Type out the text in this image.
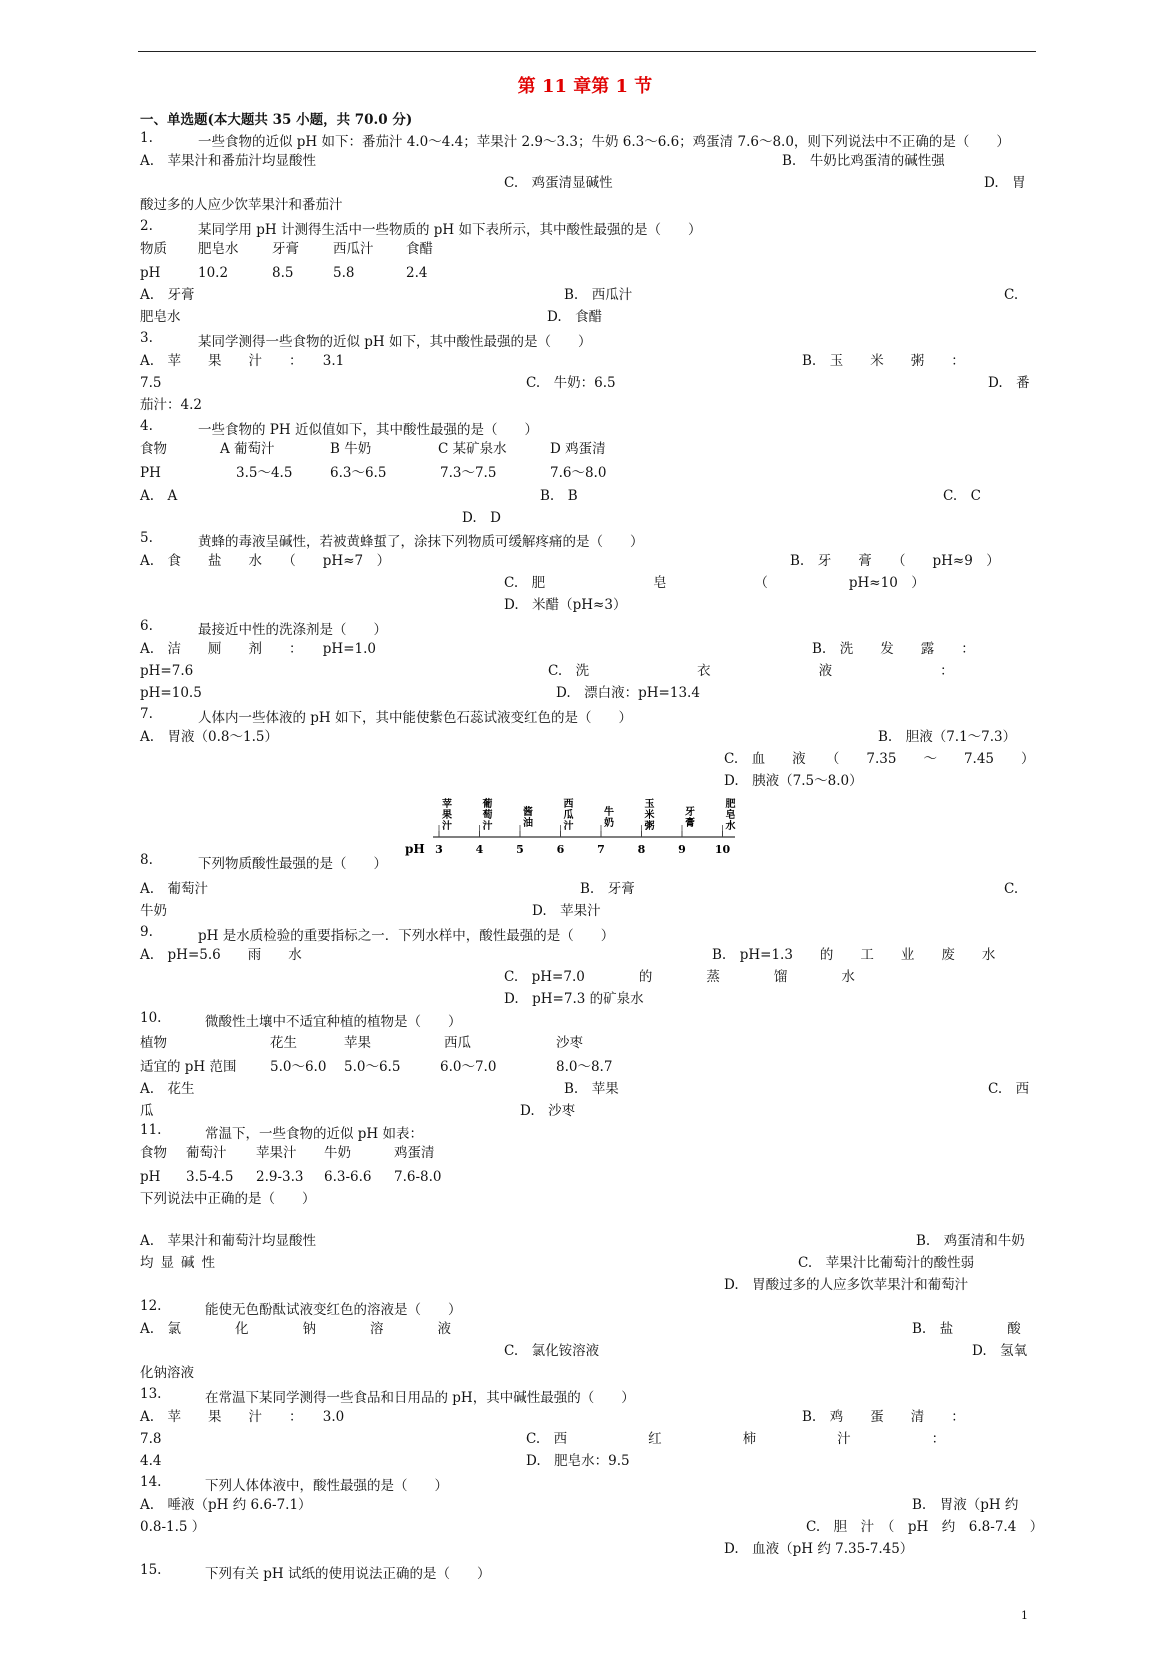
第 11 章第 1 节
一、单选题(本大题共 35 小题，共 70.0 分)
1.	一些食物的近似 pH 如下：番茄汁 4.0～4.4；苹果汁 2.9～3.3；牛奶 6.3～6.6；鸡蛋清 7.6～8.0，则下列说法中不正确的是（　　）
A.　苹果汁和番茄汁均显酸性	B.　牛奶比鸡蛋清的碱性强
C.　鸡蛋清显碱性	D.　胃
酸过多的人应少饮苹果汁和番茄汁
2.	某同学用 pH 计测得生活中一些物质的 pH 如下表所示，其中酸性最强的是（　　）
物质 肥皂水 牙膏	西瓜汁 食醋
pH	10.2	8.5	5.8	2.4
A.　牙膏	B.　西瓜汁	C.
肥皂水	D.　食醋
3.	某同学测得一些食物的近似 pH 如下，其中酸性最强的是（　　）
A.　苹　　果　　汁　　：　　3.1	B.　玉　　米　　粥　　：
7.5	C.　牛奶：6.5	D.　番
茄汁：4.2
4.	一些食物的 PH 近似值如下，其中酸性最强的是（　　）
食物	A 葡萄汁	B 牛奶	C 某矿泉水	D 鸡蛋清
PH	3.5～4.5	6.3～6.5	7.3～7.5	7.6～8.0
A.　A	B.　B	C.　C
D.　D
5.	黄蜂的毒液呈碱性，若被黄蜂蜇了，涂抹下列物质可缓解疼痛的是（　　）
A.　食　　盐　　水　　（　　pH≈7　）	B.　牙　　膏　　（　　pH≈9　）
C.　肥　　　　　　　　皂　　　　　　　（　　　　　　pH≈10　）
D.　米醋（pH≈3）
6.	最接近中性的洗涤剂是（　　）
A.　洁　　厕　　剂　　：　　pH=1.0	B.　洗　　发　　露　　：
pH=7.6	C.　洗　　　　　　　　衣　　　　　　　　液　　　　　　　　：
pH=10.5	D.　漂白液：pH=13.4
7.	人体内一些体液的 pH 如下，其中能使紫色石蕊试液变红色的是（　　）
A.　胃液（0.8～1.5）	B.　胆液（7.1～7.3）
C.　血　　液　　（　　7.35　　～　　7.45　　）
D.　胰液（7.5～8.0）
pH 3	4	5	6	7	8	9	10
苹
果
汁
葡
萄
汁
酱
油
西
瓜
汁
牛
奶
玉
米
粥
牙
膏
肥
皂
水
8.	下列物质酸性最强的是（　　）
A.　葡萄汁	B.　牙膏	C.
牛奶	D.　苹果汁
9.	pH 是水质检验的重要指标之一．下列水样中，酸性最强的是（　　）
A.　pH=5.6　　雨　　水	B.　pH=1.3　　的　　工　　业　　废　　水
C.　pH=7.0　　　　的　　　　蒸　　　　馏　　　　水
D.　pH=7.3 的矿泉水
10.	微酸性土壤中不适宜种植的植物是（　　）
植物	花生	苹果	西瓜	沙枣
适宜的 pH 范围 5.0～6.0 5.0～6.5	6.0～7.0	8.0～8.7
A.　花生	B.　苹果	C.　西
瓜	D.　沙枣
11.	常温下，一些食物的近似 pH 如表：
食物 葡萄汁 苹果汁 牛奶	鸡蛋清
pH 3.5-4.5 2.9-3.3 6.3-6.6 7.6-8.0
下列说法中正确的是（　　）
A.　苹果汁和葡萄汁均显酸性	B.　鸡蛋清和牛奶
均显碱性	C.　苹果汁比葡萄汁的酸性弱
D.　胃酸过多的人应多饮苹果汁和葡萄汁
12.	能使无色酚酞试液变红色的溶液是（　　）
A.　氯　　　　化　　　　钠　　　　溶　　　　液	B.　盐　　　　酸
C.　氯化铵溶液	D.　氢氧
化钠溶液
13.	在常温下某同学测得一些食品和日用品的 pH，其中碱性最强的（　　）
A.　苹　　果　　汁　　：　　3.0	B.　鸡　　蛋　　清　　：
7.8	C.　西　　　　　　红　　　　　　柿　　　　　　汁　　　　　　：
4.4	D.　肥皂水：9.5
14.	下列人体体液中，酸性最强的是（　　）
A.　唾液（pH 约 6.6-7.1）	B.　胃液（pH 约
0.8-1.5 ）	C.　胆　汁　（　pH　约　6.8-7.4　）
D.　血液（pH 约 7.35-7.45）
15.	下列有关 pH 试纸的使用说法正确的是（　　）
1
